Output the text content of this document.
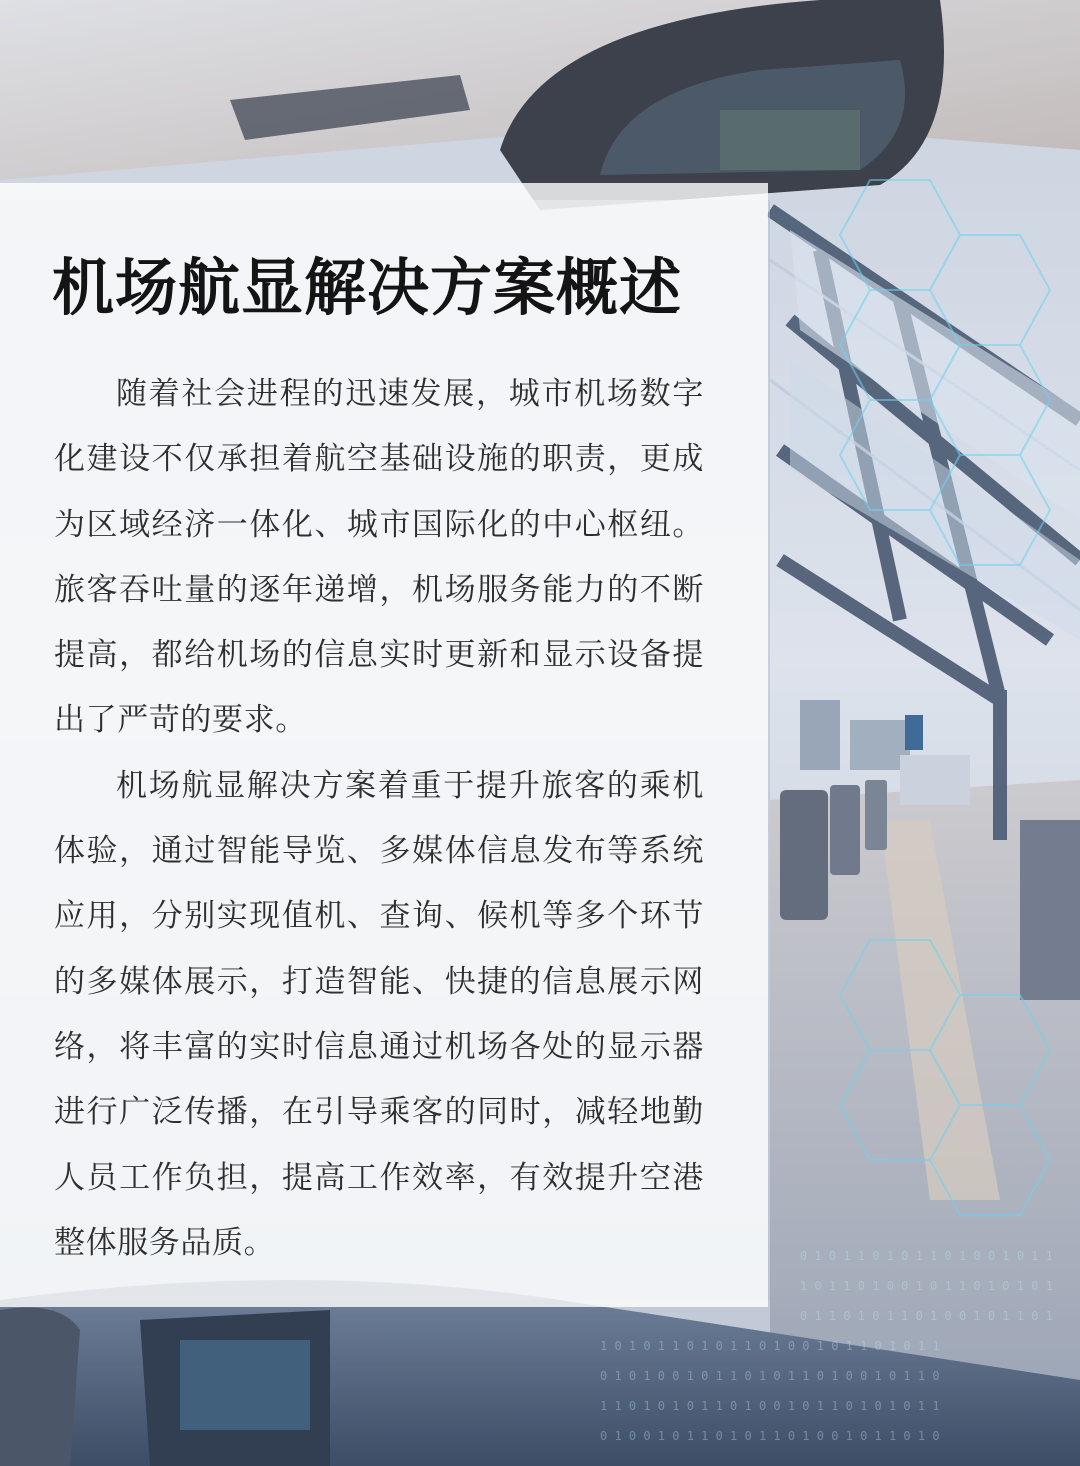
0 1 0 1 1 0 1 0 1 1 0 1 0 0 1 0 1 1
1 0 1 1 0 1 0 0 1 0 1 1 0 1 0 1 0 1
0 1 1 0 1 0 1 1 0 1 0 0 1 0 1 1 0 1
1 0 1 0 1 1 0 1 0 1 1 0 1 0 0 1 0 1 1 0 1 0 1 1
0 1 0 1 0 0 1 0 1 1 0 1 0 1 1 0 1 0 0 1 0 1 1 0
1 1 0 1 0 1 0 1 1 0 1 0 0 1 0 1 1 0 1 0 1 0 1 1
0 1 0 0 1 0 1 1 0 1 0 1 1 0 1 0 0 1 0 1 1 0 1 0
机场航显解决方案概述

随着社会进程的迅速发展，城市机场数字化建设不仅承担着航空基础设施的职责，更成为区域经济一体化、城市国际化的中心枢纽。旅客吞吐量的逐年递增，机场服务能力的不断提高，都给机场的信息实时更新和显示设备提出了严苛的要求。

机场航显解决方案着重于提升旅客的乘机体验，通过智能导览、多媒体信息发布等系统应用，分别实现值机、查询、候机等多个环节的多媒体展示，打造智能、快捷的信息展示网络，将丰富的实时信息通过机场各处的显示器进行广泛传播，在引导乘客的同时，减轻地勤人员工作负担，提高工作效率，有效提升空港整体服务品质。
